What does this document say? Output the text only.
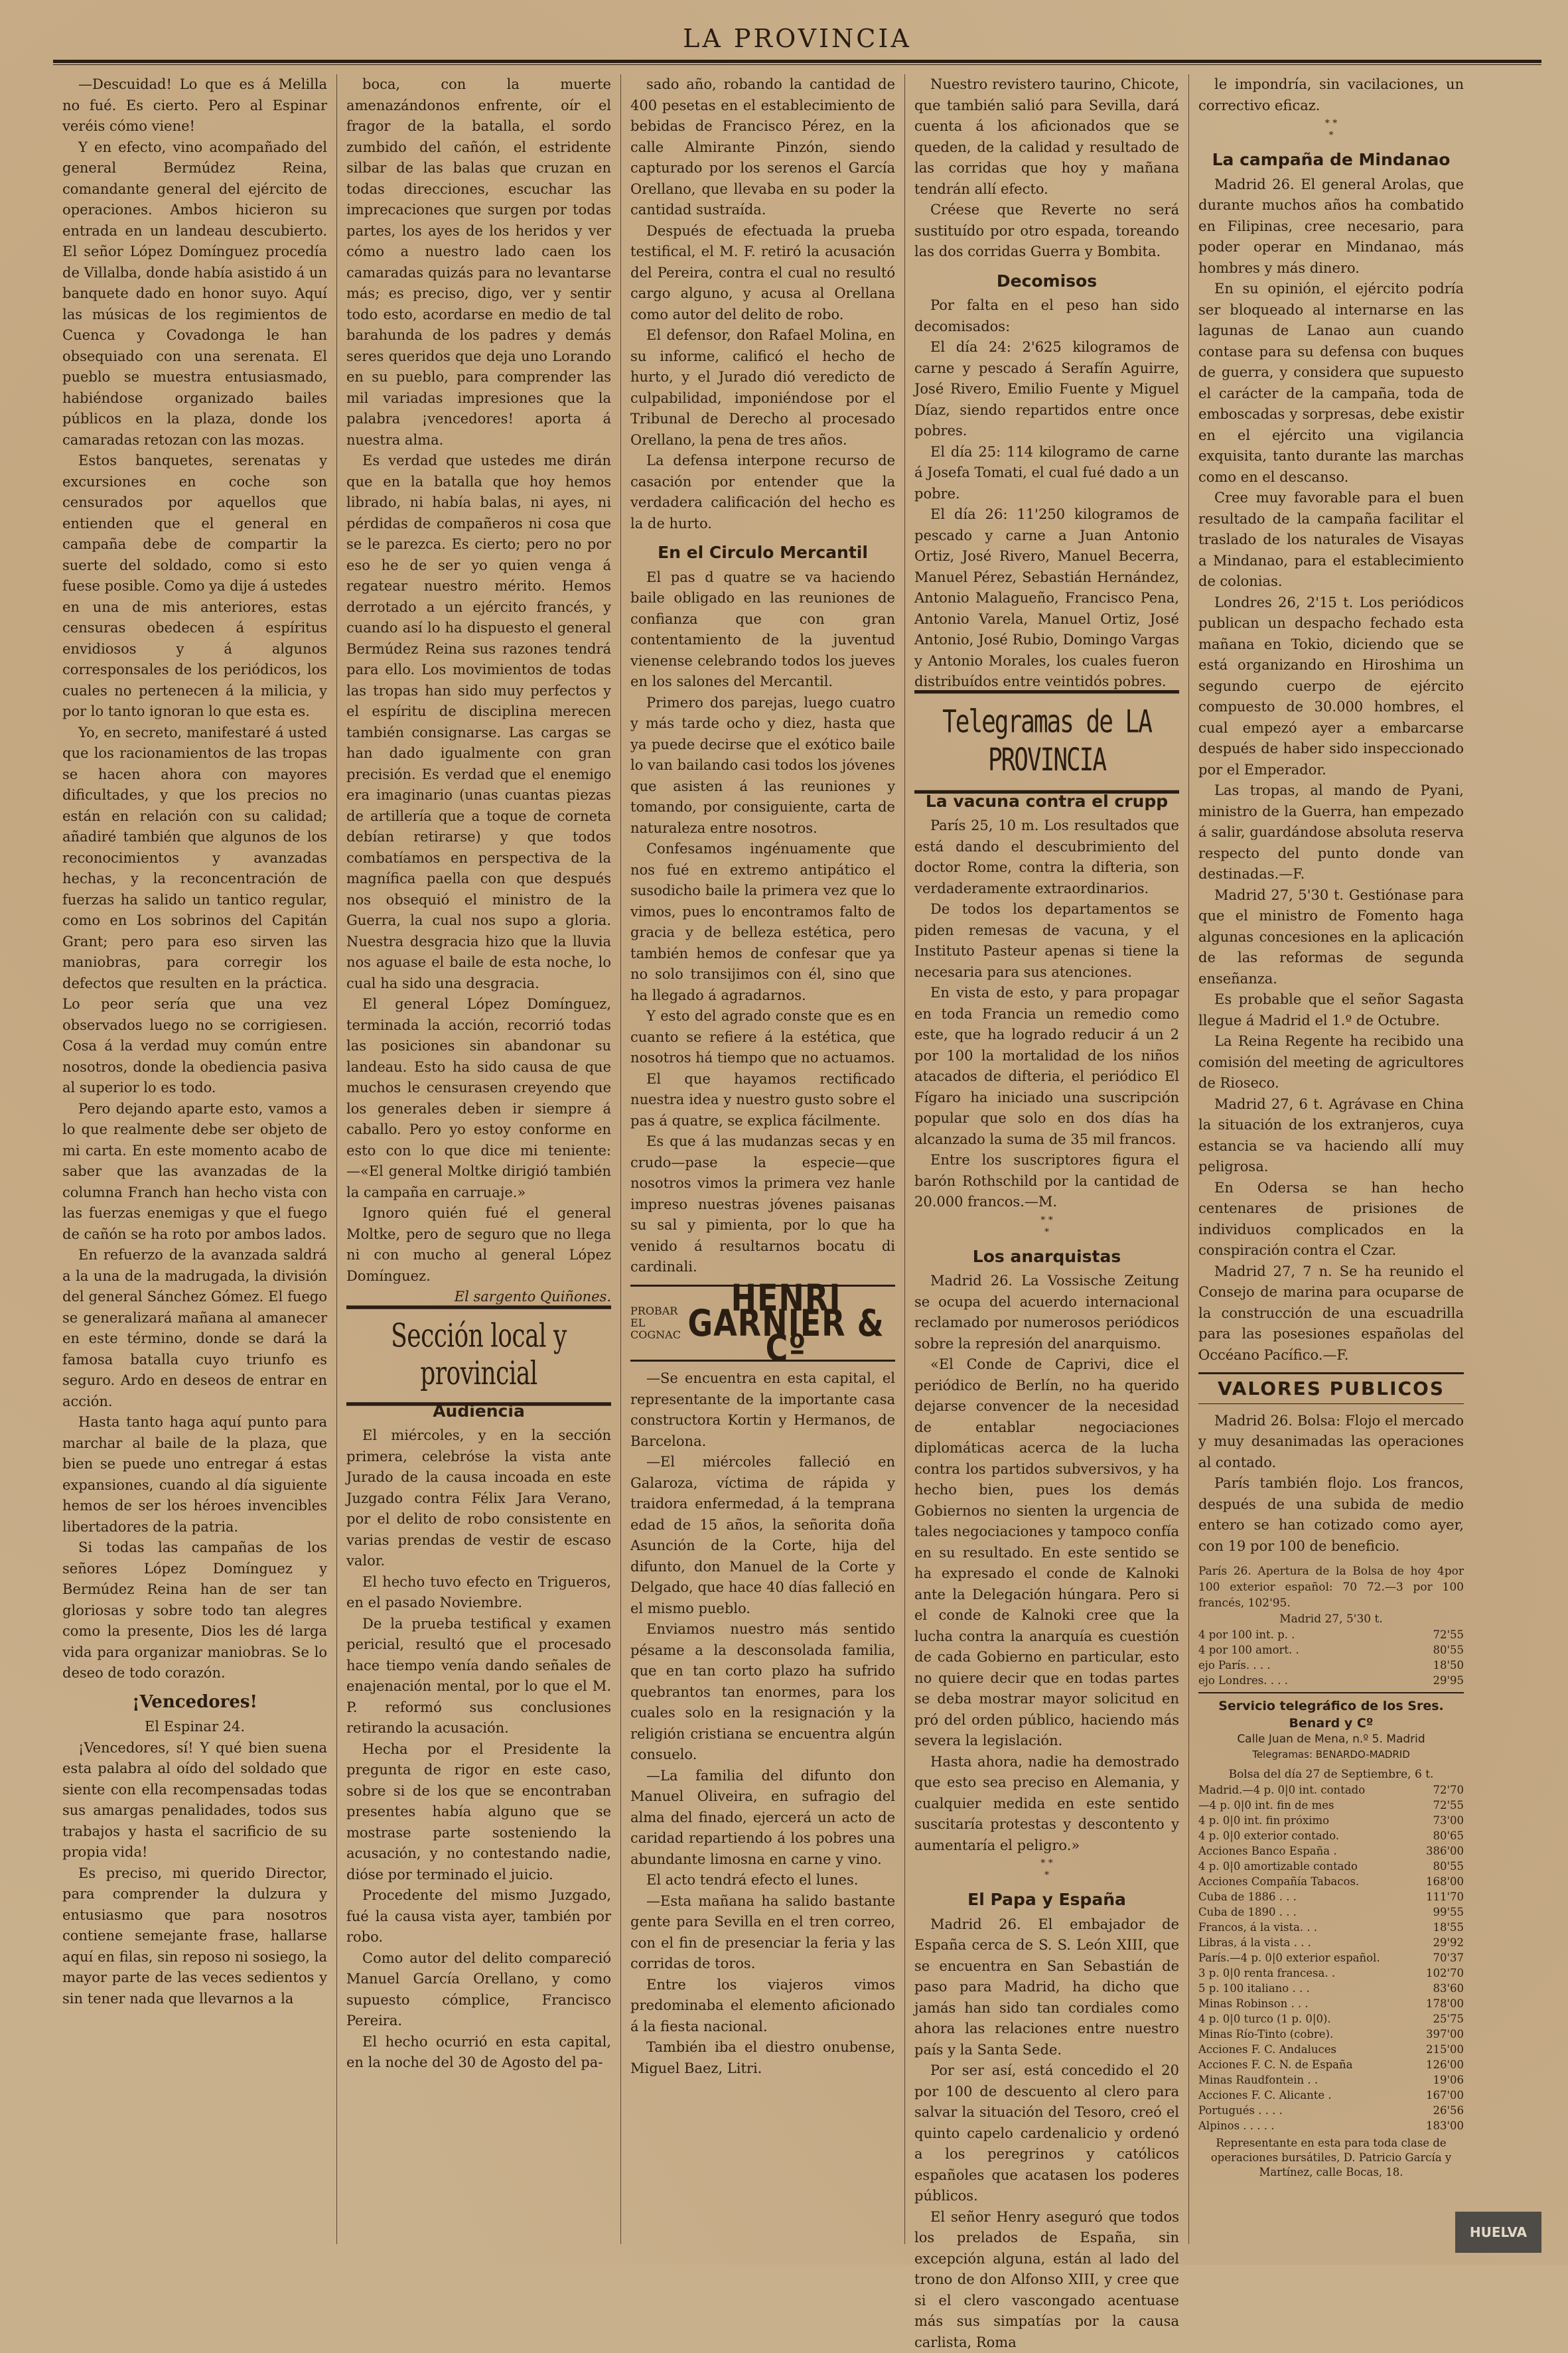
LA PROVINCIA

—Descuidad! Lo que es á Melilla no fué. Es cierto. Pero al Espinar veréis cómo viene!

Y en efecto, vino acompañado del general Bermúdez Reina, comandante general del ejército de operaciones. Ambos hicieron su entrada en un landeau descubierto. El señor López Domínguez procedía de Villalba, donde había asistido á un banquete dado en honor suyo. Aquí las músicas de los regimientos de Cuenca y Covadonga le han obsequiado con una serenata. El pueblo se muestra entusiasmado, habiéndose organizado bailes públicos en la plaza, donde los camaradas retozan con las mozas.

Estos banquetes, serenatas y excursiones en coche son censurados por aquellos que entienden que el general en campaña debe de compartir la suerte del soldado, como si esto fuese posible. Como ya dije á ustedes en una de mis anteriores, estas censuras obedecen á espíritus envidiosos y á algunos corresponsales de los periódicos, los cuales no pertenecen á la milicia, y por lo tanto ignoran lo que esta es.

Yo, en secreto, manifestaré á usted que los racionamientos de las tropas se hacen ahora con mayores dificultades, y que los precios no están en relación con su calidad; añadiré también que algunos de los reconocimientos y avanzadas hechas, y la reconcentración de fuerzas ha salido un tantico regular, como en Los sobrinos del Capitán Grant; pero para eso sirven las maniobras, para corregir los defectos que resulten en la práctica. Lo peor sería que una vez observados luego no se corrigiesen. Cosa á la verdad muy común entre nosotros, donde la obediencia pasiva al superior lo es todo.

Pero dejando aparte esto, vamos a lo que realmente debe ser objeto de mi carta. En este momento acabo de saber que las avanzadas de la columna Franch han hecho vista con las fuerzas enemigas y que el fuego de cañón se ha roto por ambos lados.

En refuerzo de la avanzada saldrá a la una de la madrugada, la división del general Sánchez Gómez. El fuego se generalizará mañana al amanecer en este término, donde se dará la famosa batalla cuyo triunfo es seguro. Ardo en deseos de entrar en acción.

Hasta tanto haga aquí punto para marchar al baile de la plaza, que bien se puede uno entregar á estas expansiones, cuando al día siguiente hemos de ser los héroes invencibles libertadores de la patria.

Si todas las campañas de los señores López Domínguez y Bermúdez Reina han de ser tan gloriosas y sobre todo tan alegres como la presente, Dios les dé larga vida para organizar maniobras. Se lo deseo de todo corazón.

¡Vencedores!

El Espinar 24.

¡Vencedores, sí! Y qué bien suena esta palabra al oído del soldado que siente con ella recompensadas todas sus amargas penalidades, todos sus trabajos y hasta el sacrificio de su propia vida!

Es preciso, mi querido Director, para comprender la dulzura y entusiasmo que para nosotros contiene semejante frase, hallarse aquí en filas, sin reposo ni sosiego, la mayor parte de las veces sedientos y sin tener nada que llevarnos a la

boca, con la muerte amenazándonos enfrente, oír el fragor de la batalla, el sordo zumbido del cañón, el estridente silbar de las balas que cruzan en todas direcciones, escuchar las imprecaciones que surgen por todas partes, los ayes de los heridos y ver cómo a nuestro lado caen los camaradas quizás para no levantarse más; es preciso, digo, ver y sentir todo esto, acordarse en medio de tal barahunda de los padres y demás seres queridos que deja uno Lorando en su pueblo, para comprender las mil variadas impresiones que la palabra ¡vencedores! aporta á nuestra alma.

Es verdad que ustedes me dirán que en la batalla que hoy hemos librado, ni había balas, ni ayes, ni pérdidas de compañeros ni cosa que se le parezca. Es cierto; pero no por eso he de ser yo quien venga á regatear nuestro mérito. Hemos derrotado a un ejército francés, y cuando así lo ha dispuesto el general Bermúdez Reina sus razones tendrá para ello. Los movimientos de todas las tropas han sido muy perfectos y el espíritu de disciplina merecen también consignarse. Las cargas se han dado igualmente con gran precisión. Es verdad que el enemigo era imaginario (unas cuantas piezas de artillería que a toque de corneta debían retirarse) y que todos combatíamos en perspectiva de la magnífica paella con que después nos obsequió el ministro de la Guerra, la cual nos supo a gloria. Nuestra desgracia hizo que la lluvia nos aguase el baile de esta noche, lo cual ha sido una desgracia.

El general López Domínguez, terminada la acción, recorrió todas las posiciones sin abandonar su landeau. Esto ha sido causa de que muchos le censurasen creyendo que los generales deben ir siempre á caballo. Pero yo estoy conforme en esto con lo que dice mi teniente:—«El general Moltke dirigió también la campaña en carruaje.»

Ignoro quién fué el general Moltke, pero de seguro que no llega ni con mucho al general López Domínguez.

El sargento Quiñones.

Sección local y provincial
Audiencia

El miércoles, y en la sección primera, celebróse la vista ante Jurado de la causa incoada en este Juzgado contra Félix Jara Verano, por el delito de robo consistente en varias prendas de vestir de escaso valor.

El hecho tuvo efecto en Trigueros, en el pasado Noviembre.

De la prueba testifical y examen pericial, resultó que el procesado hace tiempo venía dando señales de enajenación mental, por lo que el M. P. reformó sus conclusiones retirando la acusación.

Hecha por el Presidente la pregunta de rigor en este caso, sobre si de los que se encontraban presentes había alguno que se mostrase parte sosteniendo la acusación, y no contestando nadie, dióse por terminado el juicio.

Procedente del mismo Juzgado, fué la causa vista ayer, también por robo.

Como autor del delito compareció Manuel García Orellano, y como supuesto cómplice, Francisco Pereira.

El hecho ocurrió en esta capital, en la noche del 30 de Agosto del pa-

sado año, robando la cantidad de 400 pesetas en el establecimiento de bebidas de Francisco Pérez, en la calle Almirante Pinzón, siendo capturado por los serenos el García Orellano, que llevaba en su poder la cantidad sustraída.

Después de efectuada la prueba testifical, el M. F. retiró la acusación del Pereira, contra el cual no resultó cargo alguno, y acusa al Orellana como autor del delito de robo.

El defensor, don Rafael Molina, en su informe, calificó el hecho de hurto, y el Jurado dió veredicto de culpabilidad, imponiéndose por el Tribunal de Derecho al procesado Orellano, la pena de tres años.

La defensa interpone recurso de casación por entender que la verdadera calificación del hecho es la de hurto.

En el Circulo Mercantil

El pas d quatre se va haciendo baile obligado en las reuniones de confianza que con gran contentamiento de la juventud vienense celebrando todos los jueves en los salones del Mercantil.

Primero dos parejas, luego cuatro y más tarde ocho y diez, hasta que ya puede decirse que el exótico baile lo van bailando casi todos los jóvenes que asisten á las reuniones y tomando, por consiguiente, carta de naturaleza entre nosotros.

Confesamos ingénuamente que nos fué en extremo antipático el susodicho baile la primera vez que lo vimos, pues lo encontramos falto de gracia y de belleza estética, pero también hemos de confesar que ya no solo transijimos con él, sino que ha llegado á agradarnos.

Y esto del agrado conste que es en cuanto se refiere á la estética, que nosotros há tiempo que no actuamos.

El que hayamos rectificado nuestra idea y nuestro gusto sobre el pas á quatre, se explica fácilmente.

Es que á las mudanzas secas y en crudo—pase la especie—que nosotros vimos la primera vez hanle impreso nuestras jóvenes paisanas su sal y pimienta, por lo que ha venido á resultarnos bocatu di cardinali.

PROBAR EL COGNAC
HENRI GARNIER & Cº

—Se encuentra en esta capital, el representante de la importante casa constructora Kortin y Hermanos, de Barcelona.

—El miércoles falleció en Galaroza, víctima de rápida y traidora enfermedad, á la temprana edad de 15 años, la señorita doña Asunción de la Corte, hija del difunto, don Manuel de la Corte y Delgado, que hace 40 días falleció en el mismo pueblo.

Enviamos nuestro más sentido pésame a la desconsolada familia, que en tan corto plazo ha sufrido quebrantos tan enormes, para los cuales solo en la resignación y la religión cristiana se encuentra algún consuelo.

—La familia del difunto don Manuel Oliveira, en sufragio del alma del finado, ejercerá un acto de caridad repartiendo á los pobres una abundante limosna en carne y vino.

El acto tendrá efecto el lunes.

—Esta mañana ha salido bastante gente para Sevilla en el tren correo, con el fin de presenciar la feria y las corridas de toros.

Entre los viajeros vimos predominaba el elemento aficionado á la fiesta nacional.

También iba el diestro onubense, Miguel Baez, Litri.

Nuestro revistero taurino, Chicote, que también salió para Sevilla, dará cuenta á los aficionados que se queden, de la calidad y resultado de las corridas que hoy y mañana tendrán allí efecto.

Créese que Reverte no será sustituído por otro espada, toreando las dos corridas Guerra y Bombita.

Decomisos

Por falta en el peso han sido decomisados:

El día 24: 2'625 kilogramos de carne y pescado á Serafín Aguirre, José Rivero, Emilio Fuente y Miguel Díaz, siendo repartidos entre once pobres.

El día 25: 114 kilogramo de carne á Josefa Tomati, el cual fué dado a un pobre.

El día 26: 11'250 kilogramos de pescado y carne a Juan Antonio Ortiz, José Rivero, Manuel Becerra, Manuel Pérez, Sebastián Hernández, Antonio Malagueño, Francisco Pena, Antonio Varela, Manuel Ortiz, José Antonio, José Rubio, Domingo Vargas y Antonio Morales, los cuales fueron distribuídos entre veintidós pobres.

Telegramas de LA PROVINCIA
La vacuna contra el crupp

París 25, 10 m. Los resultados que está dando el descubrimiento del doctor Rome, contra la difteria, son verdaderamente extraordinarios.

De todos los departamentos se piden remesas de vacuna, y el Instituto Pasteur apenas si tiene la necesaria para sus atenciones.

En vista de esto, y para propagar en toda Francia un remedio como este, que ha logrado reducir á un 2 por 100 la mortalidad de los niños atacados de difteria, el periódico El Fígaro ha iniciado una suscripción popular que solo en dos días ha alcanzado la suma de 35 mil francos.

Entre los suscriptores figura el barón Rothschild por la cantidad de 20.000 francos.—M.

* *
*
Los anarquistas

Madrid 26. La Vossische Zeitung se ocupa del acuerdo internacional reclamado por numerosos periódicos sobre la represión del anarquismo.

«El Conde de Caprivi, dice el periódico de Berlín, no ha querido dejarse convencer de la necesidad de entablar negociaciones diplomáticas acerca de la lucha contra los partidos subversivos, y ha hecho bien, pues los demás Gobiernos no sienten la urgencia de tales negociaciones y tampoco confía en su resultado. En este sentido se ha expresado el conde de Kalnoki ante la Delegación húngara. Pero si el conde de Kalnoki cree que la lucha contra la anarquía es cuestión de cada Gobierno en particular, esto no quiere decir que en todas partes se deba mostrar mayor solicitud en pró del orden público, haciendo más severa la legislación.

Hasta ahora, nadie ha demostrado que esto sea preciso en Alemania, y cualquier medida en este sentido suscitaría protestas y descontento y aumentaría el peligro.»

* *
*
El Papa y España

Madrid 26. El embajador de España cerca de S. S. León XIII, que se encuentra en San Sebastián de paso para Madrid, ha dicho que jamás han sido tan cordiales como ahora las relaciones entre nuestro país y la Santa Sede.

Por ser así, está concedido el 20 por 100 de descuento al clero para salvar la situación del Tesoro, creó el quinto capelo cardenalicio y ordenó a los peregrinos y católicos españoles que acatasen los poderes públicos.

El señor Henry aseguró que todos los prelados de España, sin excepción alguna, están al lado del trono de don Alfonso XIII, y cree que si el clero vascongado acentuase más sus simpatías por la causa carlista, Roma

le impondría, sin vacilaciones, un correctivo eficaz.

* *
*
La campaña de Mindanao

Madrid 26. El general Arolas, que durante muchos años ha combatido en Filipinas, cree necesario, para poder operar en Mindanao, más hombres y más dinero.

En su opinión, el ejército podría ser bloqueado al internarse en las lagunas de Lanao aun cuando contase para su defensa con buques de guerra, y considera que supuesto el carácter de la campaña, toda de emboscadas y sorpresas, debe existir en el ejército una vigilancia exquisita, tanto durante las marchas como en el descanso.

Cree muy favorable para el buen resultado de la campaña facilitar el traslado de los naturales de Visayas a Mindanao, para el establecimiento de colonias.

Londres 26, 2'15 t. Los periódicos publican un despacho fechado esta mañana en Tokio, diciendo que se está organizando en Hiroshima un segundo cuerpo de ejército compuesto de 30.000 hombres, el cual empezó ayer a embarcarse después de haber sido inspeccionado por el Emperador.

Las tropas, al mando de Pyani, ministro de la Guerra, han empezado á salir, guardándose absoluta reserva respecto del punto donde van destinadas.—F.

Madrid 27, 5'30 t. Gestiónase para que el ministro de Fomento haga algunas concesiones en la aplicación de las reformas de segunda enseñanza.

Es probable que el señor Sagasta llegue á Madrid el 1.º de Octubre.

La Reina Regente ha recibido una comisión del meeting de agricultores de Rioseco.

Madrid 27, 6 t. Agrávase en China la situación de los extranjeros, cuya estancia se va haciendo allí muy peligrosa.

En Odersa se han hecho centenares de prisiones de individuos complicados en la conspiración contra el Czar.

Madrid 27, 7 n. Se ha reunido el Consejo de marina para ocuparse de la construcción de una escuadrilla para las posesiones españolas del Occéano Pacífico.—F.

VALORES PUBLICOS

Madrid 26. Bolsa: Flojo el mercado y muy desanimadas las operaciones al contado.

París también flojo. Los francos, después de una subida de medio entero se han cotizado como ayer, con 19 por 100 de beneficio.

París 26. Apertura de la Bolsa de hoy 4por 100 exterior español: 70 72.—3 por 100 francés, 102'95.

Madrid 27, 5'30 t.

4 por 100 int. p. .	72'55
4 por 100 amort. .	80'55
ejo París. . . .	18'50
ejo Londres. . . .	29'95
Servicio telegráfico de los Sres. Benard y Cº
Calle Juan de Mena, n.º 5. Madrid
Telegramas: BENARDO-MADRID

Bolsa del día 27 de Septiembre, 6 t.

Madrid.—4 p. 0|0 int. contado	72'70
—4 p. 0|0 int. fin de mes	72'55
4 p. 0|0 int. fin próximo	73'00
4 p. 0|0 exterior contado.	80'65
Acciones Banco España .	386'00
4 p. 0|0 amortizable contado	80'55
Acciones Compañía Tabacos.	168'00
Cuba de 1886 . . .	111'70
Cuba de 1890 . . .	99'55
Francos, á la vista. . .	18'55
Libras, á la vista . . .	29'92
París.—4 p. 0|0 exterior español.	70'37
3 p. 0|0 renta francesa. .	102'70
5 p. 100 italiano . . .	83'60
Minas Robinson . . .	178'00
4 p. 0|0 turco (1 p. 0|0).	25'75
Minas Río-Tinto (cobre).	397'00
Acciones F. C. Andaluces	215'00
Acciones F. C. N. de España	126'00
Minas Raudfontein . .	19'06
Acciones F. C. Alicante .	167'00
Portugués . . . .	26'56
Alpinos . . . . .	183'00
Representante en esta para toda clase de operaciones bursátiles, D. Patricio García y Martínez, calle Bocas, 18.
HUELVA
